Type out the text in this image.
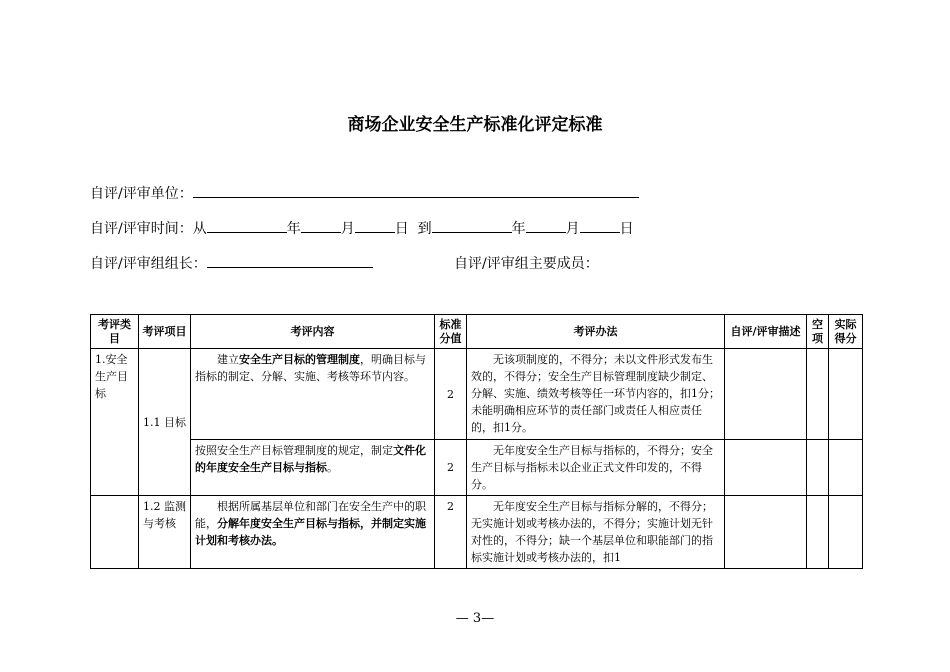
商场企业安全生产标准化评定标准
自评/评审单位：
自评/评审时间：从	年	月	日 到	年	月	日
自评/评审组组长：	自评/评审组主要成员：
考评类目	考评项目	考评内容	标准分值	考评办法	自评/评审描述	空项	实际得分
1.安全生产目标	1.1 目标	建立安全生产目标的管理制度，明确目标与指标的制定、分解、实施、考核等环节内容。	2	无该项制度的，不得分；未以文件形式发布生效的，不得分；安全生产目标管理制度缺少制定、分解、实施、绩效考核等任一环节内容的，扣1分；未能明确相应环节的责任部门或责任人相应责任的，扣1分。			
		按照安全生产目标管理制度的规定，制定文件化的年度安全生产目标与指标。	2	无年度安全生产目标与指标的，不得分；安全生产目标与指标未以企业正式文件印发的，不得分。			
	1.2 监测与考核	根据所属基层单位和部门在安全生产中的职能，分解年度安全生产目标与指标，并制定实施计划和考核办法。	2	无年度安全生产目标与指标分解的，不得分；无实施计划或考核办法的，不得分；实施计划无针对性的，不得分；缺一个基层单位和职能部门的指标实施计划或考核办法的，扣1			
— 3—
